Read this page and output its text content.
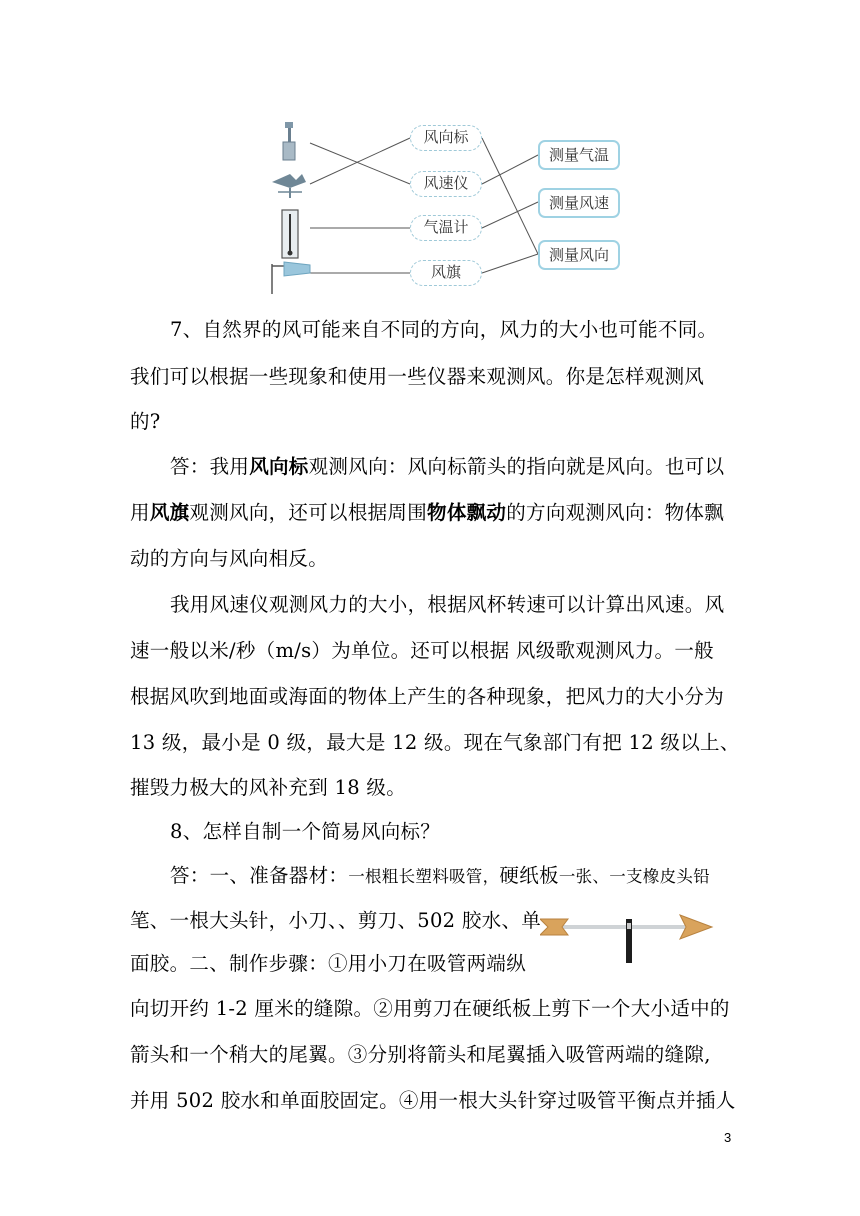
风向标
风速仪
气温计
风旗
测量气温
测量风速
测量风向
7、自然界的风可能来自不同的方向，风力的大小也可能不同。
我们可以根据一些现象和使用一些仪器来观测风。你是怎样观测风
的?
答：我用风向标观测风向：风向标箭头的指向就是风向。也可以
用风旗观测风向，还可以根据周围物体飘动的方向观测风向：物体飘
动的方向与风向相反。
我用风速仪观测风力的大小，根据风杯转速可以计算出风速。风
速一般以米/秒（m/s）为单位。还可以根据 风级歌观测风力。一般
根据风吹到地面或海面的物体上产生的各种现象，把风力的大小分为
13 级，最小是 0 级，最大是 12 级。现在气象部门有把 12 级以上、
摧毁力极大的风补充到 18 级。
8、怎样自制一个简易风向标？
答：一、准备器材：一根粗长塑料吸管，硬纸板一张、一支橡皮头铅
笔、一根大头针，小刀、、剪刀、502 胶水、单
面胶。二、制作步骤：①用小刀在吸管两端纵
向切开约 1-2 厘米的缝隙。②用剪刀在硬纸板上剪下一个大小适中的
箭头和一个稍大的尾翼。③分别将箭头和尾翼插入吸管两端的缝隙,
并用 502 胶水和单面胶固定。④用一根大头针穿过吸管平衡点并插人
3
